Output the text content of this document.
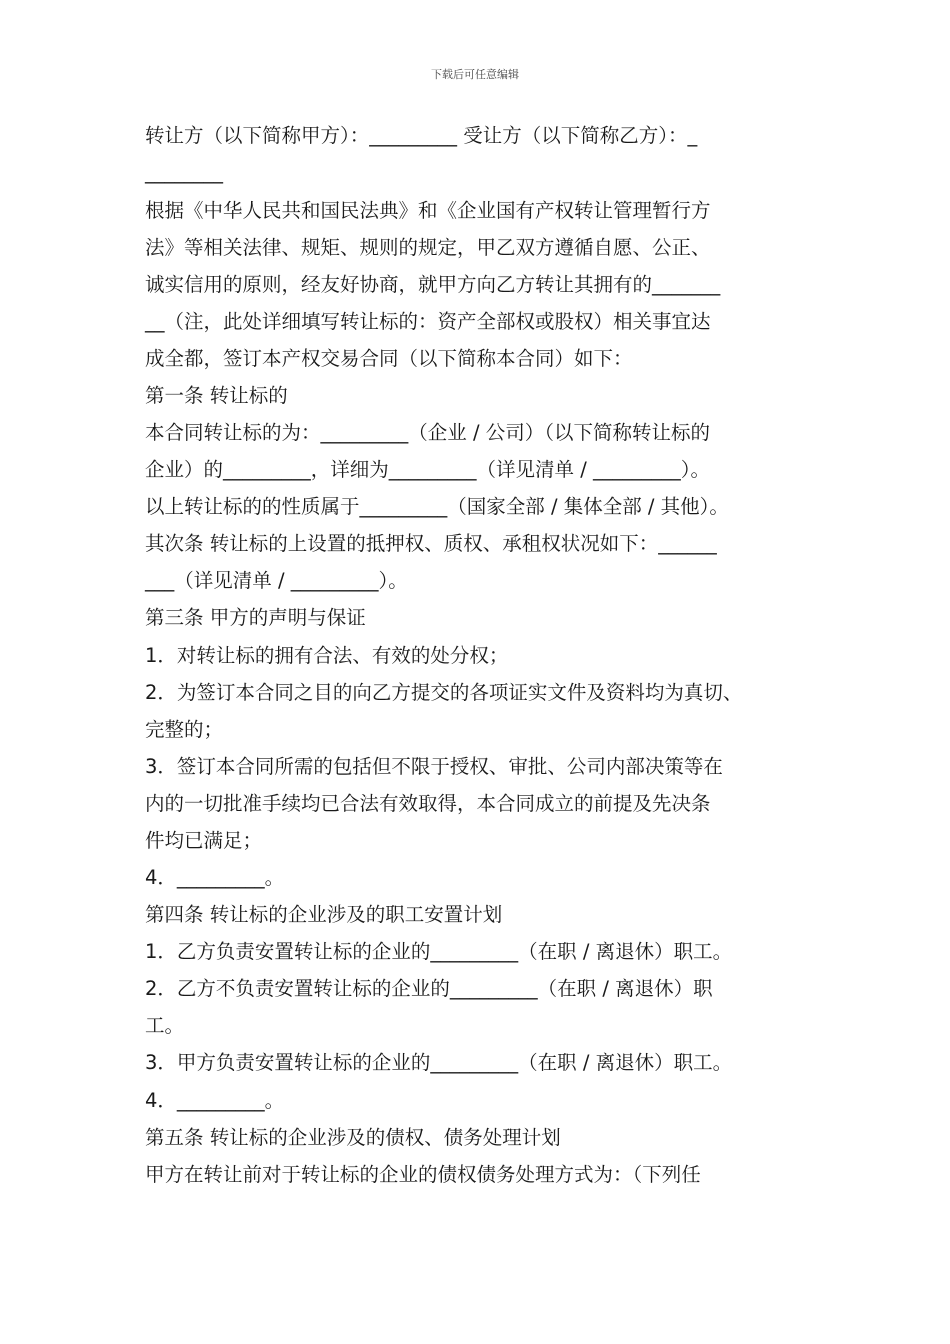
下载后可任意编辑
转让方（以下简称甲方）：_________ 受让方（以下简称乙方）：_
________
根据《中华人民共和国民法典》和《企业国有产权转让管理暂行方
法》等相关法律、规矩、规则的规定，甲乙双方遵循自愿、公正、
诚实信用的原则，经友好协商，就甲方向乙方转让其拥有的_______
__（注，此处详细填写转让标的：资产全部权或股权）相关事宜达
成全都，签订本产权交易合同（以下简称本合同）如下：
第一条 转让标的
本合同转让标的为：_________（企业 / 公司）（以下简称转让标的
企业）的_________，详细为_________（详见清单 / _________）。
以上转让标的的性质属于_________（国家全部 / 集体全部 / 其他）。
其次条 转让标的上设置的抵押权、质权、承租权状况如下：______
___（详见清单 / _________）。
第三条 甲方的声明与保证
1．对转让标的拥有合法、有效的处分权；
2．为签订本合同之目的向乙方提交的各项证实文件及资料均为真切、
完整的；
3．签订本合同所需的包括但不限于授权、审批、公司内部决策等在
内的一切批准手续均已合法有效取得，本合同成立的前提及先决条
件均已满足；
4．_________。
第四条 转让标的企业涉及的职工安置计划
1．乙方负责安置转让标的企业的_________（在职 / 离退休）职工。
2．乙方不负责安置转让标的企业的_________（在职 / 离退休）职
工。
3．甲方负责安置转让标的企业的_________（在职 / 离退休）职工。
4．_________。
第五条 转让标的企业涉及的债权、债务处理计划
甲方在转让前对于转让标的企业的债权债务处理方式为：（下列任
